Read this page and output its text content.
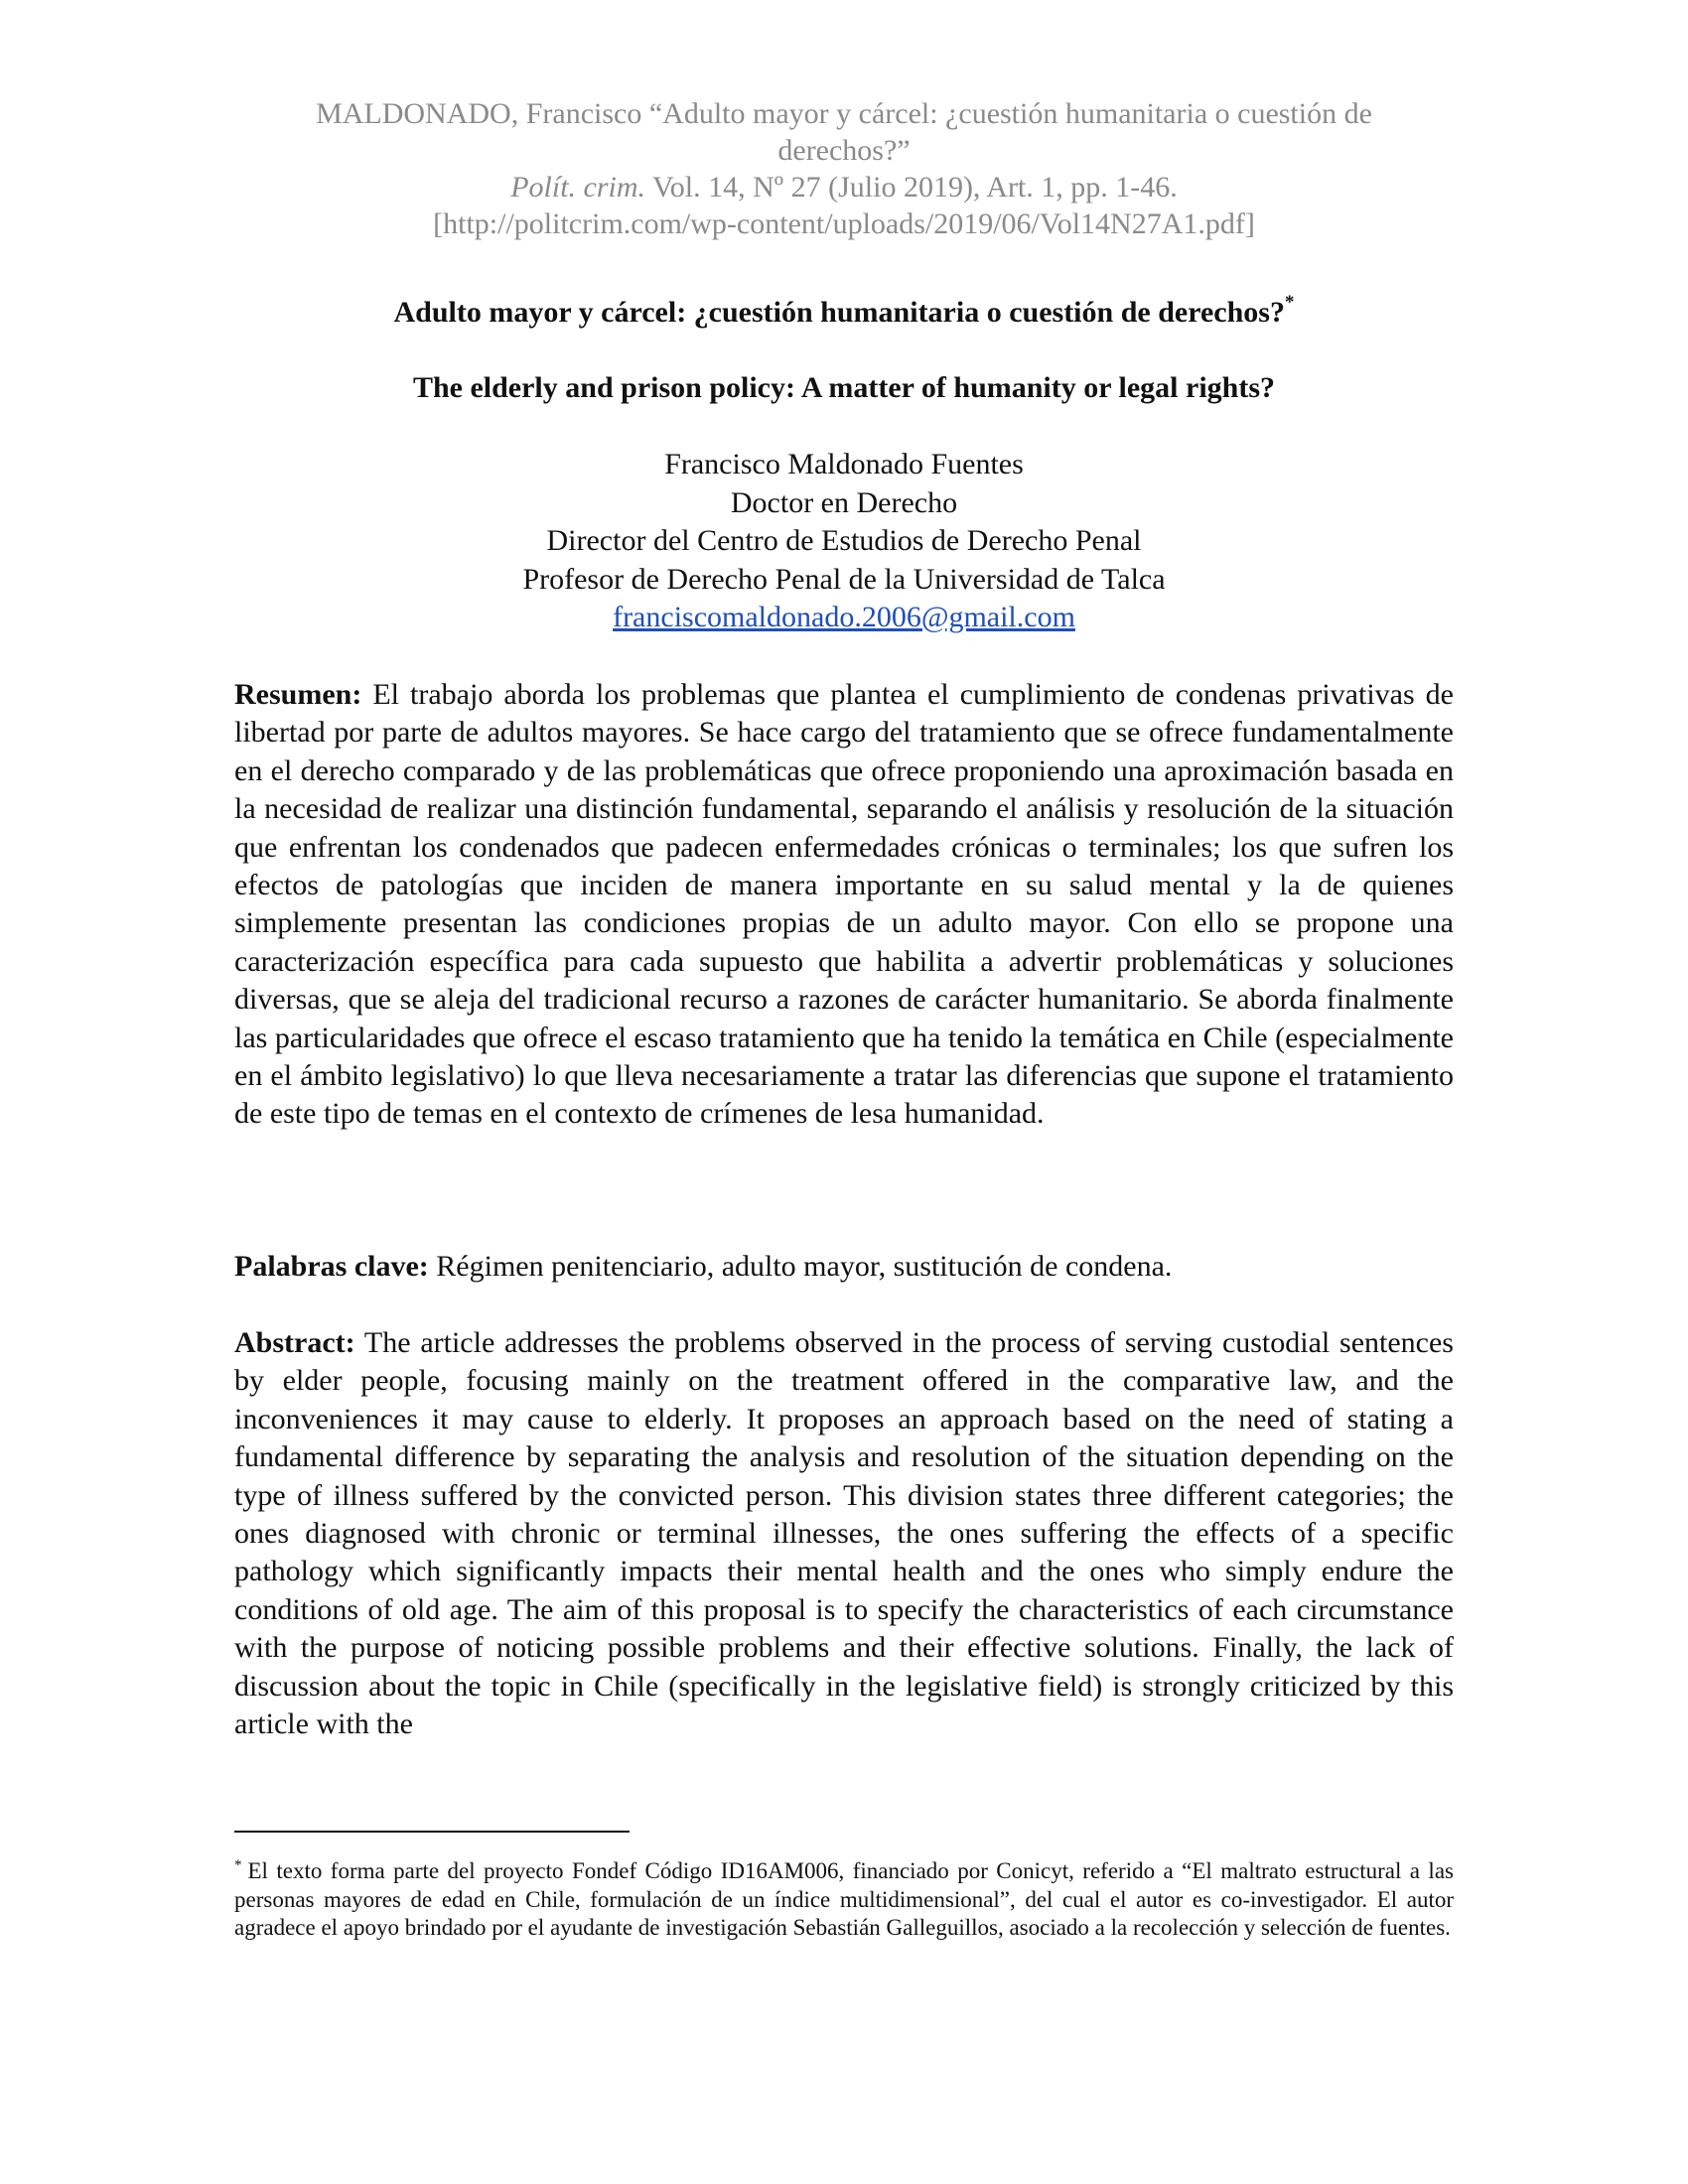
MALDONADO, Francisco “Adulto mayor y cárcel: ¿cuestión humanitaria o cuestión de
derechos?”
Polít. crim. Vol. 14, Nº 27 (Julio 2019), Art. 1, pp. 1-46.
[http://politcrim.com/wp-content/uploads/2019/06/Vol14N27A1.pdf]
Adulto mayor y cárcel: ¿cuestión humanitaria o cuestión de derechos?*
The elderly and prison policy: A matter of humanity or legal rights?
Francisco Maldonado Fuentes
Doctor en Derecho
Director del Centro de Estudios de Derecho Penal
Profesor de Derecho Penal de la Universidad de Talca
franciscomaldonado.2006@gmail.com

Resumen: El trabajo aborda los problemas que plantea el cumplimiento de condenas privativas de libertad por parte de adultos mayores. Se hace cargo del tratamiento que se ofrece fundamentalmente en el derecho comparado y de las problemáticas que ofrece proponiendo una aproximación basada en la necesidad de realizar una distinción fundamental, separando el análisis y resolución de la situación que enfrentan los condenados que padecen enfermedades crónicas o terminales; los que sufren los efectos de patologías que inciden de manera importante en su salud mental y la de quienes simplemente presentan las condiciones propias de un adulto mayor. Con ello se propone una caracterización específica para cada supuesto que habilita a advertir problemáticas y soluciones diversas, que se aleja del tradicional recurso a razones de carácter humanitario. Se aborda finalmente las particularidades que ofrece el escaso tratamiento que ha tenido la temática en Chile (especialmente en el ámbito legislativo) lo que lleva necesariamente a tratar las diferencias que supone el tratamiento de este tipo de temas en el contexto de crímenes de lesa humanidad.

Palabras clave: Régimen penitenciario, adulto mayor, sustitución de condena.

Abstract: The article addresses the problems observed in the process of serving custodial sentences by elder people, focusing mainly on the treatment offered in the comparative law, and the inconveniences it may cause to elderly. It proposes an approach based on the need of stating a fundamental difference by separating the analysis and resolution of the situation depending on the type of illness suffered by the convicted person. This division states three different categories; the ones diagnosed with chronic or terminal illnesses, the ones suffering the effects of a specific pathology which significantly impacts their mental health and the ones who simply endure the conditions of old age. The aim of this proposal is to specify the characteristics of each circumstance with the purpose of noticing possible problems and their effective solutions. Finally, the lack of discussion about the topic in Chile (specifically in the legislative field) is strongly criticized by this article with the

* El texto forma parte del proyecto Fondef Código ID16AM006, financiado por Conicyt, referido a “El maltrato estructural a las personas mayores de edad en Chile, formulación de un índice multidimensional”, del cual el autor es co-investigador. El autor agradece el apoyo brindado por el ayudante de investigación Sebastián Galleguillos, asociado a la recolección y selección de fuentes.
